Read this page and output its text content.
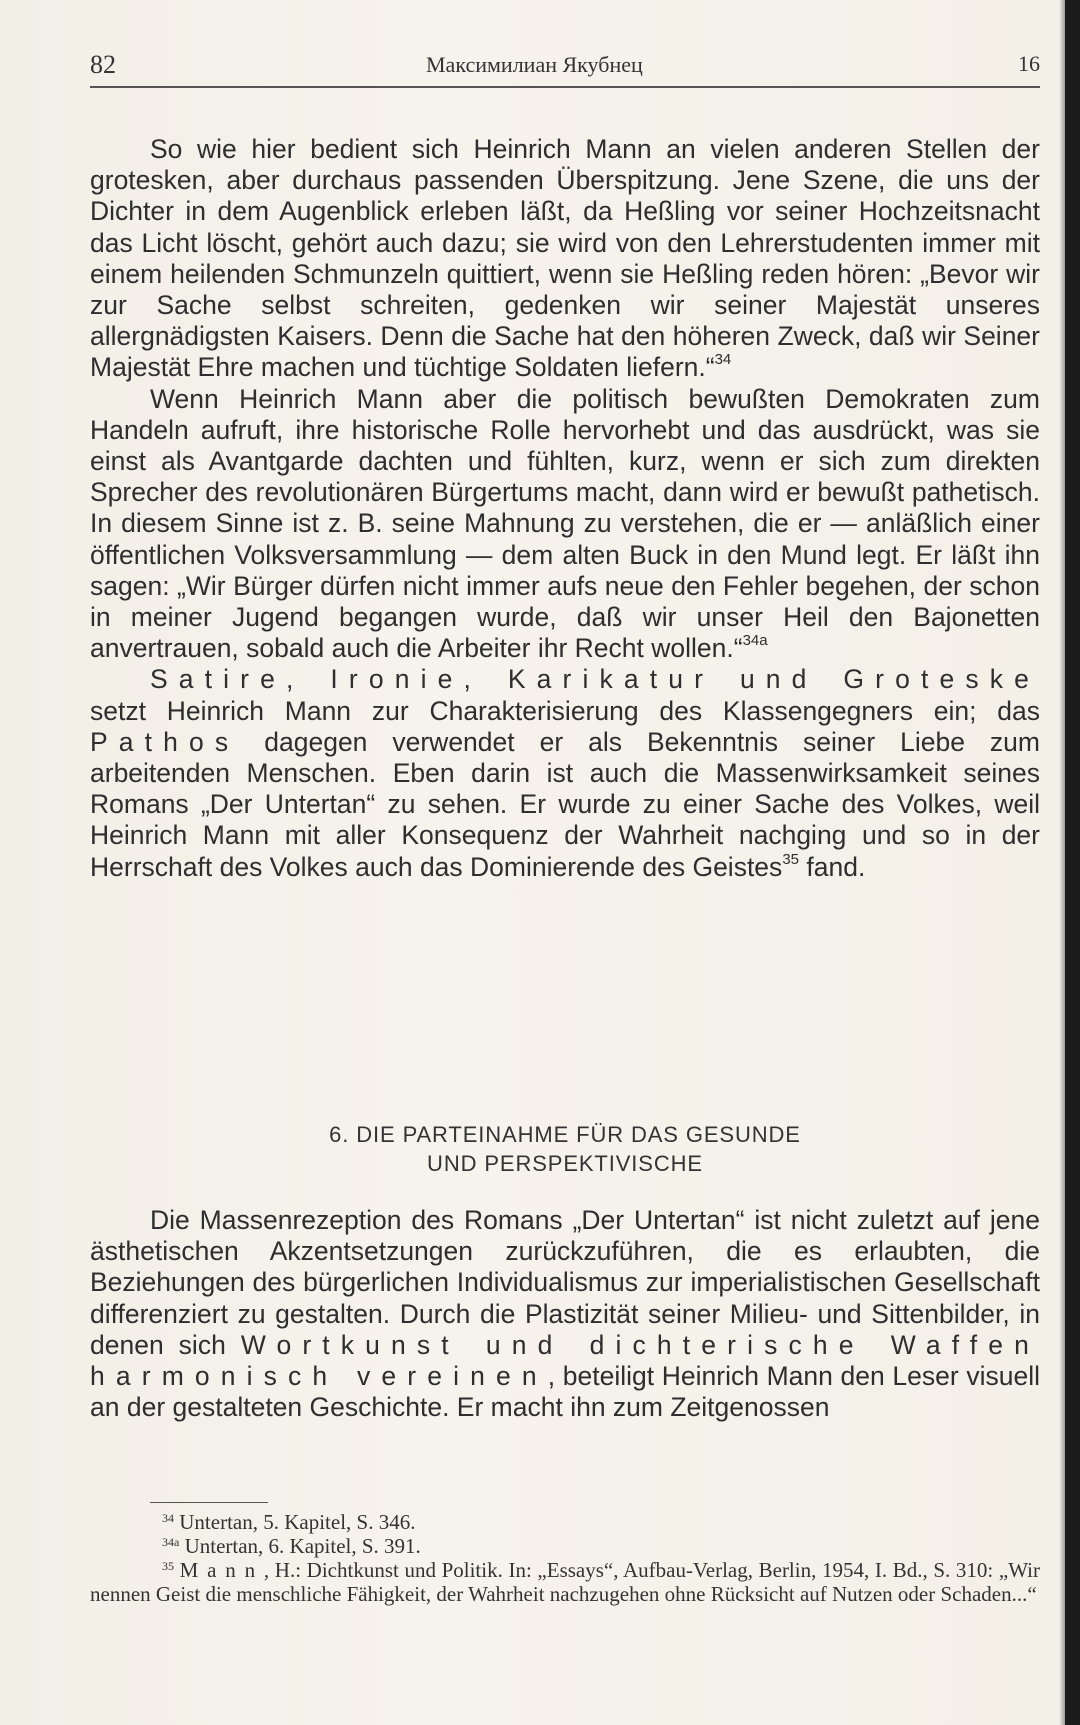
82	Максимилиан Якубнец	16

So wie hier bedient sich Heinrich Mann an vielen anderen Stellen der grotesken, aber durchaus passenden Überspitzung. Jene Szene, die uns der Dichter in dem Augenblick erleben läßt, da Heßling vor seiner Hochzeitsnacht das Licht löscht, gehört auch dazu; sie wird von den Lehrerstudenten immer mit einem heilenden Schmunzeln quittiert, wenn sie Heßling reden hören: „Bevor wir zur Sache selbst schreiten, gedenken wir seiner Majestät unseres allergnädigsten Kaisers. Denn die Sache hat den höheren Zweck, daß wir Seiner Majestät Ehre machen und tüchtige Soldaten liefern.“$^{34}$

Wenn Heinrich Mann aber die politisch bewußten Demokraten zum Handeln aufruft, ihre historische Rolle hervorhebt und das ausdrückt, was sie einst als Avantgarde dachten und fühlten, kurz, wenn er sich zum direkten Sprecher des revolutionären Bürgertums macht, dann wird er bewußt pathetisch. In diesem Sinne ist z. B. seine Mahnung zu verstehen, die er — anläßlich einer öffentlichen Volksversammlung — dem alten Buck in den Mund legt. Er läßt ihn sagen: „Wir Bürger dürfen nicht immer aufs neue den Fehler begehen, der schon in meiner Jugend begangen wurde, daß wir unser Heil den Bajonetten anvertrauen, sobald auch die Arbeiter ihr Recht wollen.“$^{34a}$

Satire, Ironie, Karikatur und Groteske setzt Heinrich Mann zur Charakterisierung des Klassengegners ein; das Pathos dagegen verwendet er als Bekenntnis seiner Liebe zum arbeitenden Menschen. Eben darin ist auch die Massenwirksamkeit seines Romans „Der Untertan“ zu sehen. Er wurde zu einer Sache des Volkes, weil Heinrich Mann mit aller Konsequenz der Wahrheit nachging und so in der Herrschaft des Volkes auch das Dominierende des Geistes$^{35}$ fand.

6. DIE PARTEINAHME FÜR DAS GESUNDE
UND PERSPEKTIVISCHE

Die Massenrezeption des Romans „Der Untertan“ ist nicht zuletzt auf jene ästhetischen Akzentsetzungen zurückzuführen, die es erlaubten, die Beziehungen des bürgerlichen Individualismus zur imperialistischen Gesellschaft differenziert zu gestalten. Durch die Plastizität seiner Milieu- und Sittenbilder, in denen sich Wortkunst und dichterische Waffen harmonisch vereinen, beteiligt Heinrich Mann den Leser visuell an der gestalteten Geschichte. Er macht ihn zum Zeitgenossen

$^{34}$ Untertan, 5. Kapitel, S. 346.

$^{34a}$ Untertan, 6. Kapitel, S. 391.

$^{35}$ Mann, H.: Dichtkunst und Politik. In: „Essays“, Aufbau-Verlag, Berlin, 1954, I. Bd., S. 310: „Wir nennen Geist die menschliche Fähigkeit, der Wahrheit nachzugehen ohne Rücksicht auf Nutzen oder Schaden...“
